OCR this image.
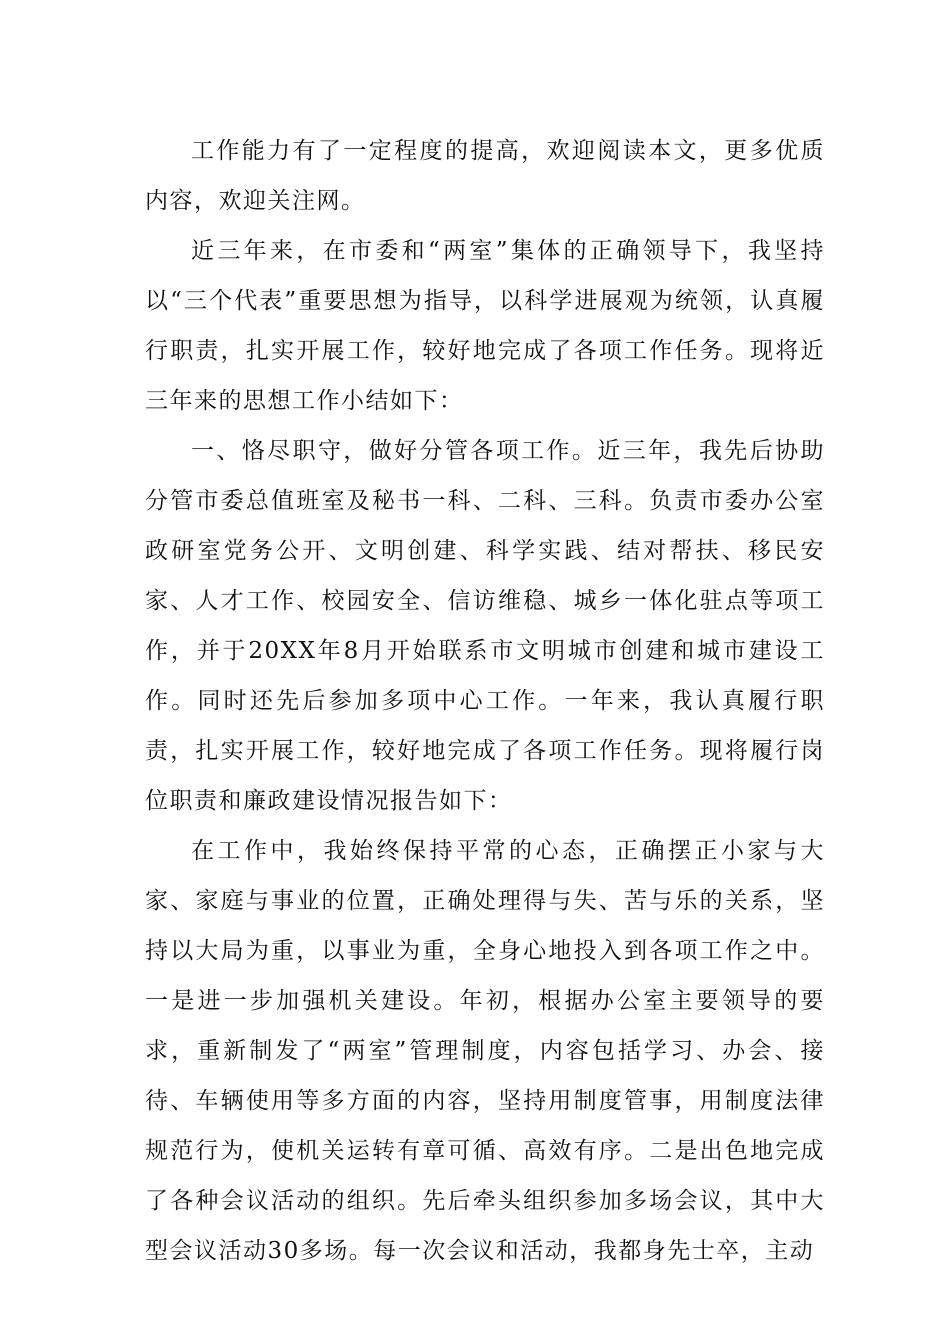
工作能力有了一定程度的提高，欢迎阅读本文，更多优质内容，欢迎关注网。

近三年来，在市委和“两室”集体的正确领导下，我坚持以“三个代表”重要思想为指导，以科学进展观为统领，认真履行职责，扎实开展工作，较好地完成了各项工作任务。现将近三年来的思想工作小结如下：

一、恪尽职守，做好分管各项工作。近三年，我先后协助分管市委总值班室及秘书一科、二科、三科。负责市委办公室政研室党务公开、文明创建、科学实践、结对帮扶、移民安家、人才工作、校园安全、信访维稳、城乡一体化驻点等项工作，并于20XX年8月开始联系市文明城市创建和城市建设工作。同时还先后参加多项中心工作。一年来，我认真履行职责，扎实开展工作，较好地完成了各项工作任务。现将履行岗位职责和廉政建设情况报告如下：

在工作中，我始终保持平常的心态，正确摆正小家与大家、家庭与事业的位置，正确处理得与失、苦与乐的关系，坚持以大局为重，以事业为重，全身心地投入到各项工作之中。一是进一步加强机关建设。年初，根据办公室主要领导的要求，重新制发了“两室”管理制度，内容包括学习、办会、接待、车辆使用等多方面的内容，坚持用制度管事，用制度法律规范行为，使机关运转有章可循、高效有序。二是出色地完成了各种会议活动的组织。先后牵头组织参加多场会议，其中大型会议活动30多场。每一次会议和活动，我都身先士卒，主动
